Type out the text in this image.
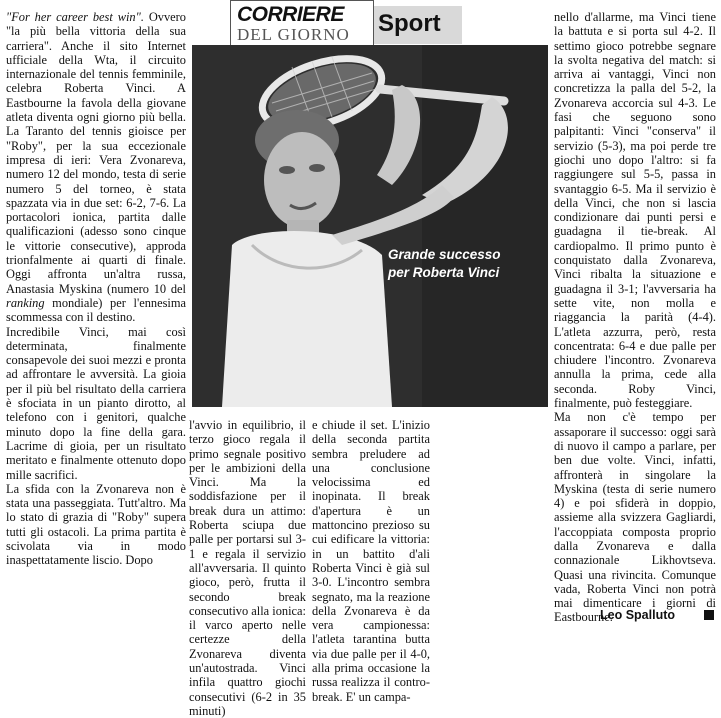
CORRIERE
DEL GIORNO Sport

"For her career best win". Ovvero "la più bella vittoria della sua carriera". Anche il sito Internet ufficiale della Wta, il circuito internazionale del tennis femminile, celebra Roberta Vinci. A Eastbourne la favola della giovane atleta diventa ogni giorno più bella. La Taranto del tennis gioisce per "Roby", per la sua eccezionale impresa di ieri: Vera Zvonareva, numero 12 del mondo, testa di serie numero 5 del torneo, è stata spazzata via in due set: 6-2, 7-6. La portacolori ionica, partita dalle qualificazioni (adesso sono cinque le vittorie consecutive), approda trionfalmente ai quarti di finale. Oggi affronta un'altra russa, Anastasia Myskina (numero 10 del ranking mondiale) per l'ennesima scommessa con il destino.

Incredibile Vinci, mai così determinata, finalmente consapevole dei suoi mezzi e pronta ad affrontare le avversità. La gioia per il più bel risultato della carriera è sfociata in un pianto dirotto, al telefono con i genitori, qualche minuto dopo la fine della gara. Lacrime di gioia, per un risultato meritato e finalmente ottenuto dopo mille sacrifici.

La sfida con la Zvonareva non è stata una passeggiata. Tutt'altro. Ma lo stato di grazia di "Roby" supera tutti gli ostacoli. La prima partita è scivolata via in modo inaspettatamente liscio. Dopo

Grande successo
per Roberta Vinci

l'avvio in equilibrio, il terzo gioco regala il primo segnale positivo per le ambizioni della Vinci. Ma la soddisfazione per il break dura un attimo: Roberta sciupa due palle per portarsi sul 3-1 e regala il servizio all'avversaria. Il quinto gioco, però, frutta il secondo break consecutivo alla ionica: il varco aperto nelle certezze della Zvonareva diventa un'autostrada. Vinci infila quattro giochi consecutivi (6-2 in 35 minuti)

e chiude il set. L'inizio della seconda partita sembra preludere ad una conclusione velocissima ed inopinata. Il break d'apertura è un mattoncino prezioso su cui edificare la vittoria: in un battito d'ali Roberta Vinci è già sul 3-0. L'incontro sembra segnato, ma la reazione della Zvonareva è da vera campionessa: l'atleta tarantina butta via due palle per il 4-0, alla prima occasione la russa realizza il contro-break. E' un campa-

nello d'allarme, ma Vinci tiene la battuta e si porta sul 4-2. Il settimo gioco potrebbe segnare la svolta negativa del match: si arriva ai vantaggi, Vinci non concretizza la palla del 5-2, la Zvonareva accorcia sul 4-3. Le fasi che seguono sono palpitanti: Vinci "conserva" il servizio (5-3), ma poi perde tre giochi uno dopo l'altro: si fa raggiungere sul 5-5, passa in svantaggio 6-5. Ma il servizio è della Vinci, che non si lascia condizionare dai punti persi e guadagna il tie-break. Al cardiopalmo. Il primo punto è conquistato dalla Zvonareva, Vinci ribalta la situazione e guadagna il 3-1; l'avversaria ha sette vite, non molla e riaggancia la parità (4-4). L'atleta azzurra, però, resta concentrata: 6-4 e due palle per chiudere l'incontro. Zvonareva annulla la prima, cede alla seconda. Roby Vinci, finalmente, può festeggiare.

Ma non c'è tempo per assaporare il successo: oggi sarà di nuovo il campo a parlare, per ben due volte. Vinci, infatti, affronterà in singolare la Myskina (testa di serie numero 4) e poi sfiderà in doppio, assieme alla svizzera Gagliardi, l'accoppiata composta proprio dalla Zvonareva e dalla connazionale Likhovtseva. Quasi una rivincita. Comunque vada, Roberta Vinci non potrà mai dimenticare i giorni di Eastbourne.

Leo Spalluto
